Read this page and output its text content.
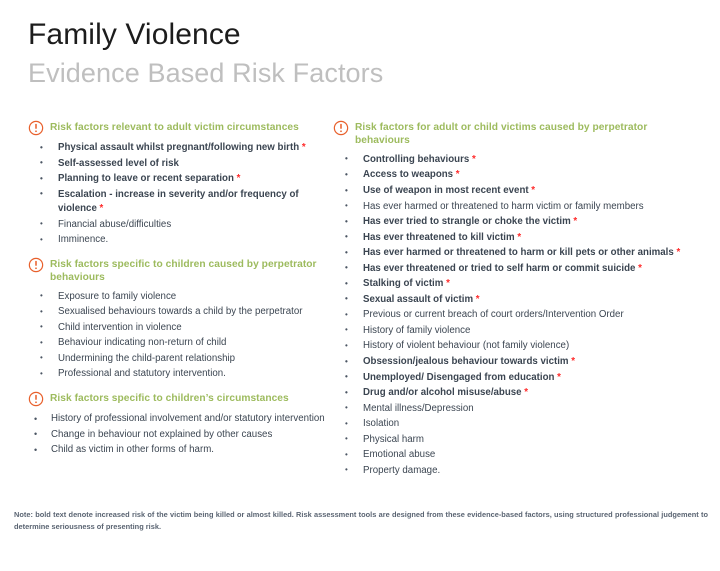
Family Violence
Evidence Based Risk Factors
Risk factors relevant to adult victim circumstances
• Physical assault whilst pregnant/following new birth *
• Self-assessed level of risk
• Planning to leave or recent separation *
• Escalation - increase in severity and/or frequency of violence *
• Financial abuse/difficulties
• Imminence.
Risk factors specific to children caused by perpetrator behaviours
• Exposure to family violence
• Sexualised behaviours towards a child by the perpetrator
• Child intervention in violence
• Behaviour indicating non-return of child
• Undermining the child-parent relationship
• Professional and statutory intervention.
Risk factors specific to children’s circumstances
• History of professional involvement and/or statutory intervention
• Change in behaviour not explained by other causes
• Child as victim in other forms of harm.
Risk factors for adult or child victims caused by perpetrator behaviours
• Controlling behaviours *
• Access to weapons *
• Use of weapon in most recent event *
• Has ever harmed or threatened to harm victim or family members
• Has ever tried to strangle or choke the victim *
• Has ever threatened to kill victim *
• Has ever harmed or threatened to harm or kill pets or other animals *
• Has ever threatened or tried to self harm or commit suicide *
• Stalking of victim *
• Sexual assault of victim *
• Previous or current breach of court orders/Intervention Order
• History of family violence
• History of violent behaviour (not family violence)
• Obsession/jealous behaviour towards victim *
• Unemployed/ Disengaged from education *
• Drug and/or alcohol misuse/abuse *
• Mental illness/Depression
• Isolation
• Physical harm
• Emotional abuse
• Property damage.
Note: bold text denote increased risk of the victim being killed or almost killed. Risk assessment tools are designed from these evidence-based factors, using structured professional judgement to determine seriousness of presenting risk.
